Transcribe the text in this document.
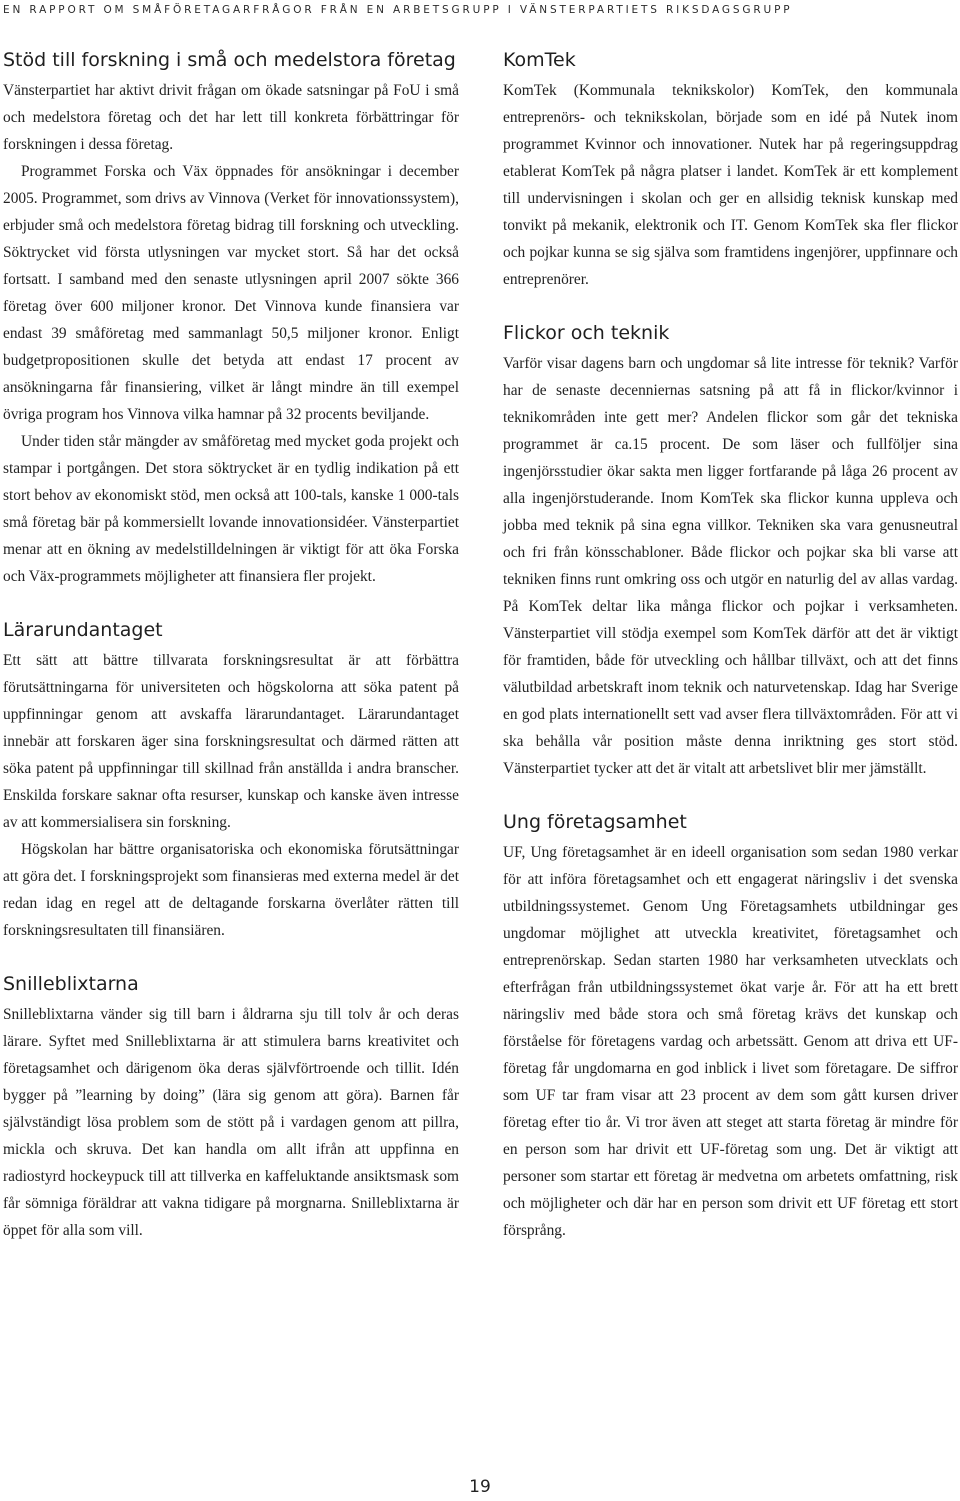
EN RAPPORT OM SMÅFÖRETAGARFRÅGOR FRÅN EN ARBETSGRUPP I VÄNSTERPARTIETS RIKSDAGSGRUPP
Stöd till forskning i små och medelstora företag

Vänsterpartiet har aktivt drivit frågan om ökade satsningar på FoU i små och medelstora företag och det har lett till konkreta förbättringar för forskningen i dessa företag.

Programmet Forska och Väx öppnades för ansökningar i december 2005. Programmet, som drivs av Vinnova (Verket för innovationssystem), erbjuder små och medelstora företag bidrag till forskning och utveckling. Söktrycket vid första utlysningen var mycket stort. Så har det också fortsatt. I samband med den senaste utlysningen april 2007 sökte 366 företag över 600 miljoner kronor. Det Vinnova kunde finansiera var endast 39 småföretag med sammanlagt 50,5 miljoner kronor. Enligt budgetpropositionen skulle det betyda att endast 17 procent av ansökningarna får finansiering, vilket är långt mindre än till exempel övriga program hos Vinnova vilka hamnar på 32 procents beviljande.

Under tiden står mängder av småföretag med mycket goda projekt och stampar i portgången. Det stora söktrycket är en tydlig indikation på ett stort behov av ekonomiskt stöd, men också att 100-tals, kanske 1 000-tals små företag bär på kommersiellt lovande innovationsidéer. Vänsterpartiet menar att en ökning av medelstilldelningen är viktigt för att öka Forska och Väx-programmets möjligheter att finansiera fler projekt.

Lärarundantaget

Ett sätt att bättre tillvarata forskningsresultat är att förbättra förutsättningarna för universiteten och högskolorna att söka patent på uppfinningar genom att avskaffa lärarundantaget. Lärarundantaget innebär att forskaren äger sina forskningsresultat och därmed rätten att söka patent på uppfinningar till skillnad från anställda i andra branscher. Enskilda forskare saknar ofta resurser, kunskap och kanske även intresse av att kommersialisera sin forskning.

Högskolan har bättre organisatoriska och ekonomiska förutsättningar att göra det. I forskningsprojekt som finansieras med externa medel är det redan idag en regel att de deltagande forskarna överlåter rätten till forskningsresultaten till finansiären.

Snilleblixtarna

Snilleblixtarna vänder sig till barn i åldrarna sju till tolv år och deras lärare. Syftet med Snilleblixtarna är att stimulera barns kreativitet och företagsamhet och därigenom öka deras självförtroende och tillit. Idén bygger på ”learning by doing” (lära sig genom att göra). Barnen får självständigt lösa problem som de stött på i vardagen genom att pillra, mickla och skruva. Det kan handla om allt ifrån att uppfinna en radiostyrd hockeypuck till att tillverka en kaffeluktande ansiktsmask som får sömniga föräldrar att vakna tidigare på morgnarna. Snilleblixtarna är öppet för alla som vill.

KomTek

KomTek (Kommunala teknikskolor) KomTek, den kommunala entreprenörs- och teknikskolan, började som en idé på Nutek inom programmet Kvinnor och innovationer. Nutek har på regeringsuppdrag etablerat KomTek på några platser i landet. KomTek är ett komplement till undervisningen i skolan och ger en allsidig teknisk kunskap med tonvikt på mekanik, elektronik och IT. Genom KomTek ska fler flickor och pojkar kunna se sig själva som framtidens ingenjörer, uppfinnare och entreprenörer.

Flickor och teknik

Varför visar dagens barn och ungdomar så lite intresse för teknik? Varför har de senaste decenniernas satsning på att få in flickor/kvinnor i teknikområden inte gett mer? Andelen flickor som går det tekniska programmet är ca.15 procent. De som läser och fullföljer sina ingenjörsstudier ökar sakta men ligger fortfarande på låga 26 procent av alla ingenjörstuderande. Inom KomTek ska flickor kunna uppleva och jobba med teknik på sina egna villkor. Tekniken ska vara genusneutral och fri från könsschabloner. Både flickor och pojkar ska bli varse att tekniken finns runt omkring oss och utgör en naturlig del av allas vardag. På KomTek deltar lika många flickor och pojkar i verksamheten. Vänsterpartiet vill stödja exempel som KomTek därför att det är viktigt för framtiden, både för utveckling och hållbar tillväxt, och att det finns välutbildad arbetskraft inom teknik och naturvetenskap. Idag har Sverige en god plats internationellt sett vad avser flera tillväxtområden. För att vi ska behålla vår position måste denna inriktning ges stort stöd. Vänsterpartiet tycker att det är vitalt att arbetslivet blir mer jämställt.

Ung företagsamhet

UF, Ung företagsamhet är en ideell organisation som sedan 1980 verkar för att införa företagsamhet och ett engagerat näringsliv i det svenska utbildningssystemet. Genom Ung Företagsamhets utbildningar ges ungdomar möjlighet att utveckla kreativitet, företagsamhet och entreprenörskap. Sedan starten 1980 har verksamheten utvecklats och efterfrågan från utbildningssystemet ökat varje år. För att ha ett brett näringsliv med både stora och små företag krävs det kunskap och förståelse för företagens vardag och arbetssätt. Genom att driva ett UF-företag får ungdomarna en god inblick i livet som företagare. De siffror som UF tar fram visar att 23 procent av dem som gått kursen driver företag efter tio år. Vi tror även att steget att starta företag är mindre för en person som har drivit ett UF-företag som ung. Det är viktigt att personer som startar ett företag är medvetna om arbetets omfattning, risk och möjligheter och där har en person som drivit ett UF företag ett stort försprång.

19
